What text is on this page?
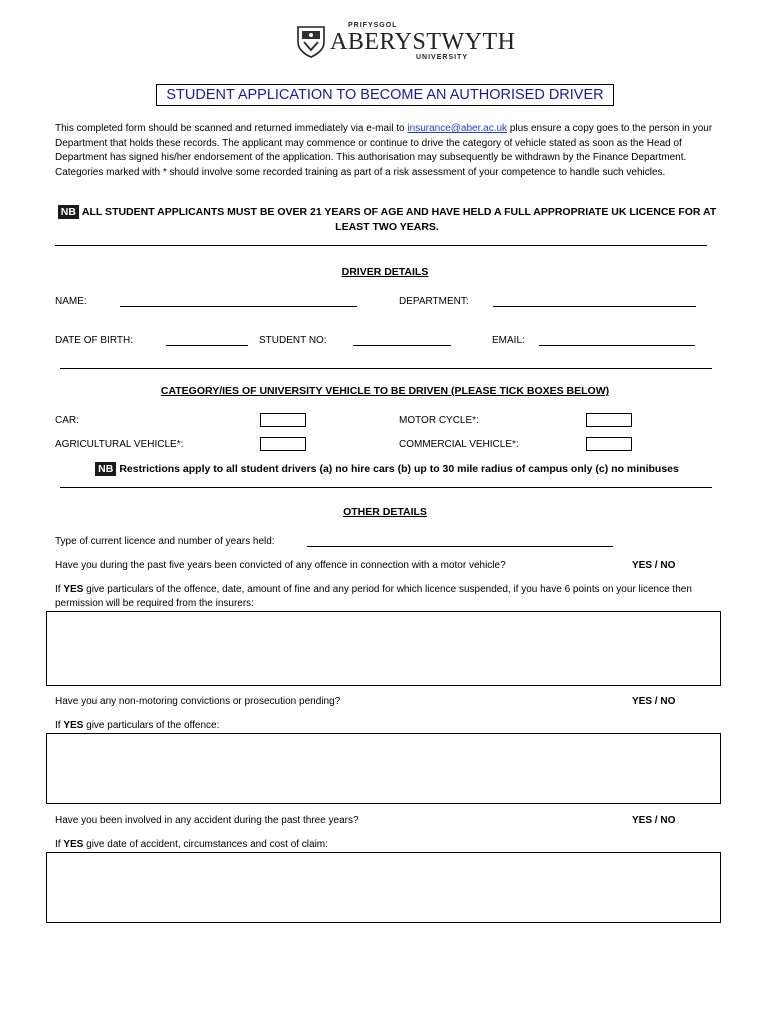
PRIFYSGOL
ABERYSTWYTH
UNIVERSITY
STUDENT APPLICATION TO BECOME AN AUTHORISED DRIVER
This completed form should be scanned and returned immediately via e-mail to insurance@aber.ac.uk plus ensure a copy goes to the person in your Department that holds these records. The applicant may commence or continue to drive the category of vehicle stated as soon as the Head of Department has signed his/her endorsement of the application. This authorisation may subsequently be withdrawn by the Finance Department. Categories marked with * should involve some recorded training as part of a risk assessment of your competence to handle such vehicles.
NB ALL STUDENT APPLICANTS MUST BE OVER 21 YEARS OF AGE AND HAVE HELD A FULL APPROPRIATE UK LICENCE FOR AT LEAST TWO YEARS.
DRIVER DETAILS
NAME:	DEPARTMENT:
DATE OF BIRTH:	STUDENT NO:	EMAIL:
CATEGORY/IES OF UNIVERSITY VEHICLE TO BE DRIVEN (PLEASE TICK BOXES BELOW)
CAR:	MOTOR CYCLE*:
AGRICULTURAL VEHICLE*:	COMMERCIAL VEHICLE*:
NB Restrictions apply to all student drivers (a) no hire cars (b) up to 30 mile radius of campus only (c) no minibuses
OTHER DETAILS
Type of current licence and number of years held:
Have you during the past five years been convicted of any offence in connection with a motor vehicle?	YES / NO
If YES give particulars of the offence, date, amount of fine and any period for which licence suspended, if you have 6 points on your licence then permission will be required from the insurers:
Have you any non-motoring convictions or prosecution pending?	YES / NO
If YES give particulars of the offence:
Have you been involved in any accident during the past three years?	YES / NO
If YES give date of accident, circumstances and cost of claim:
